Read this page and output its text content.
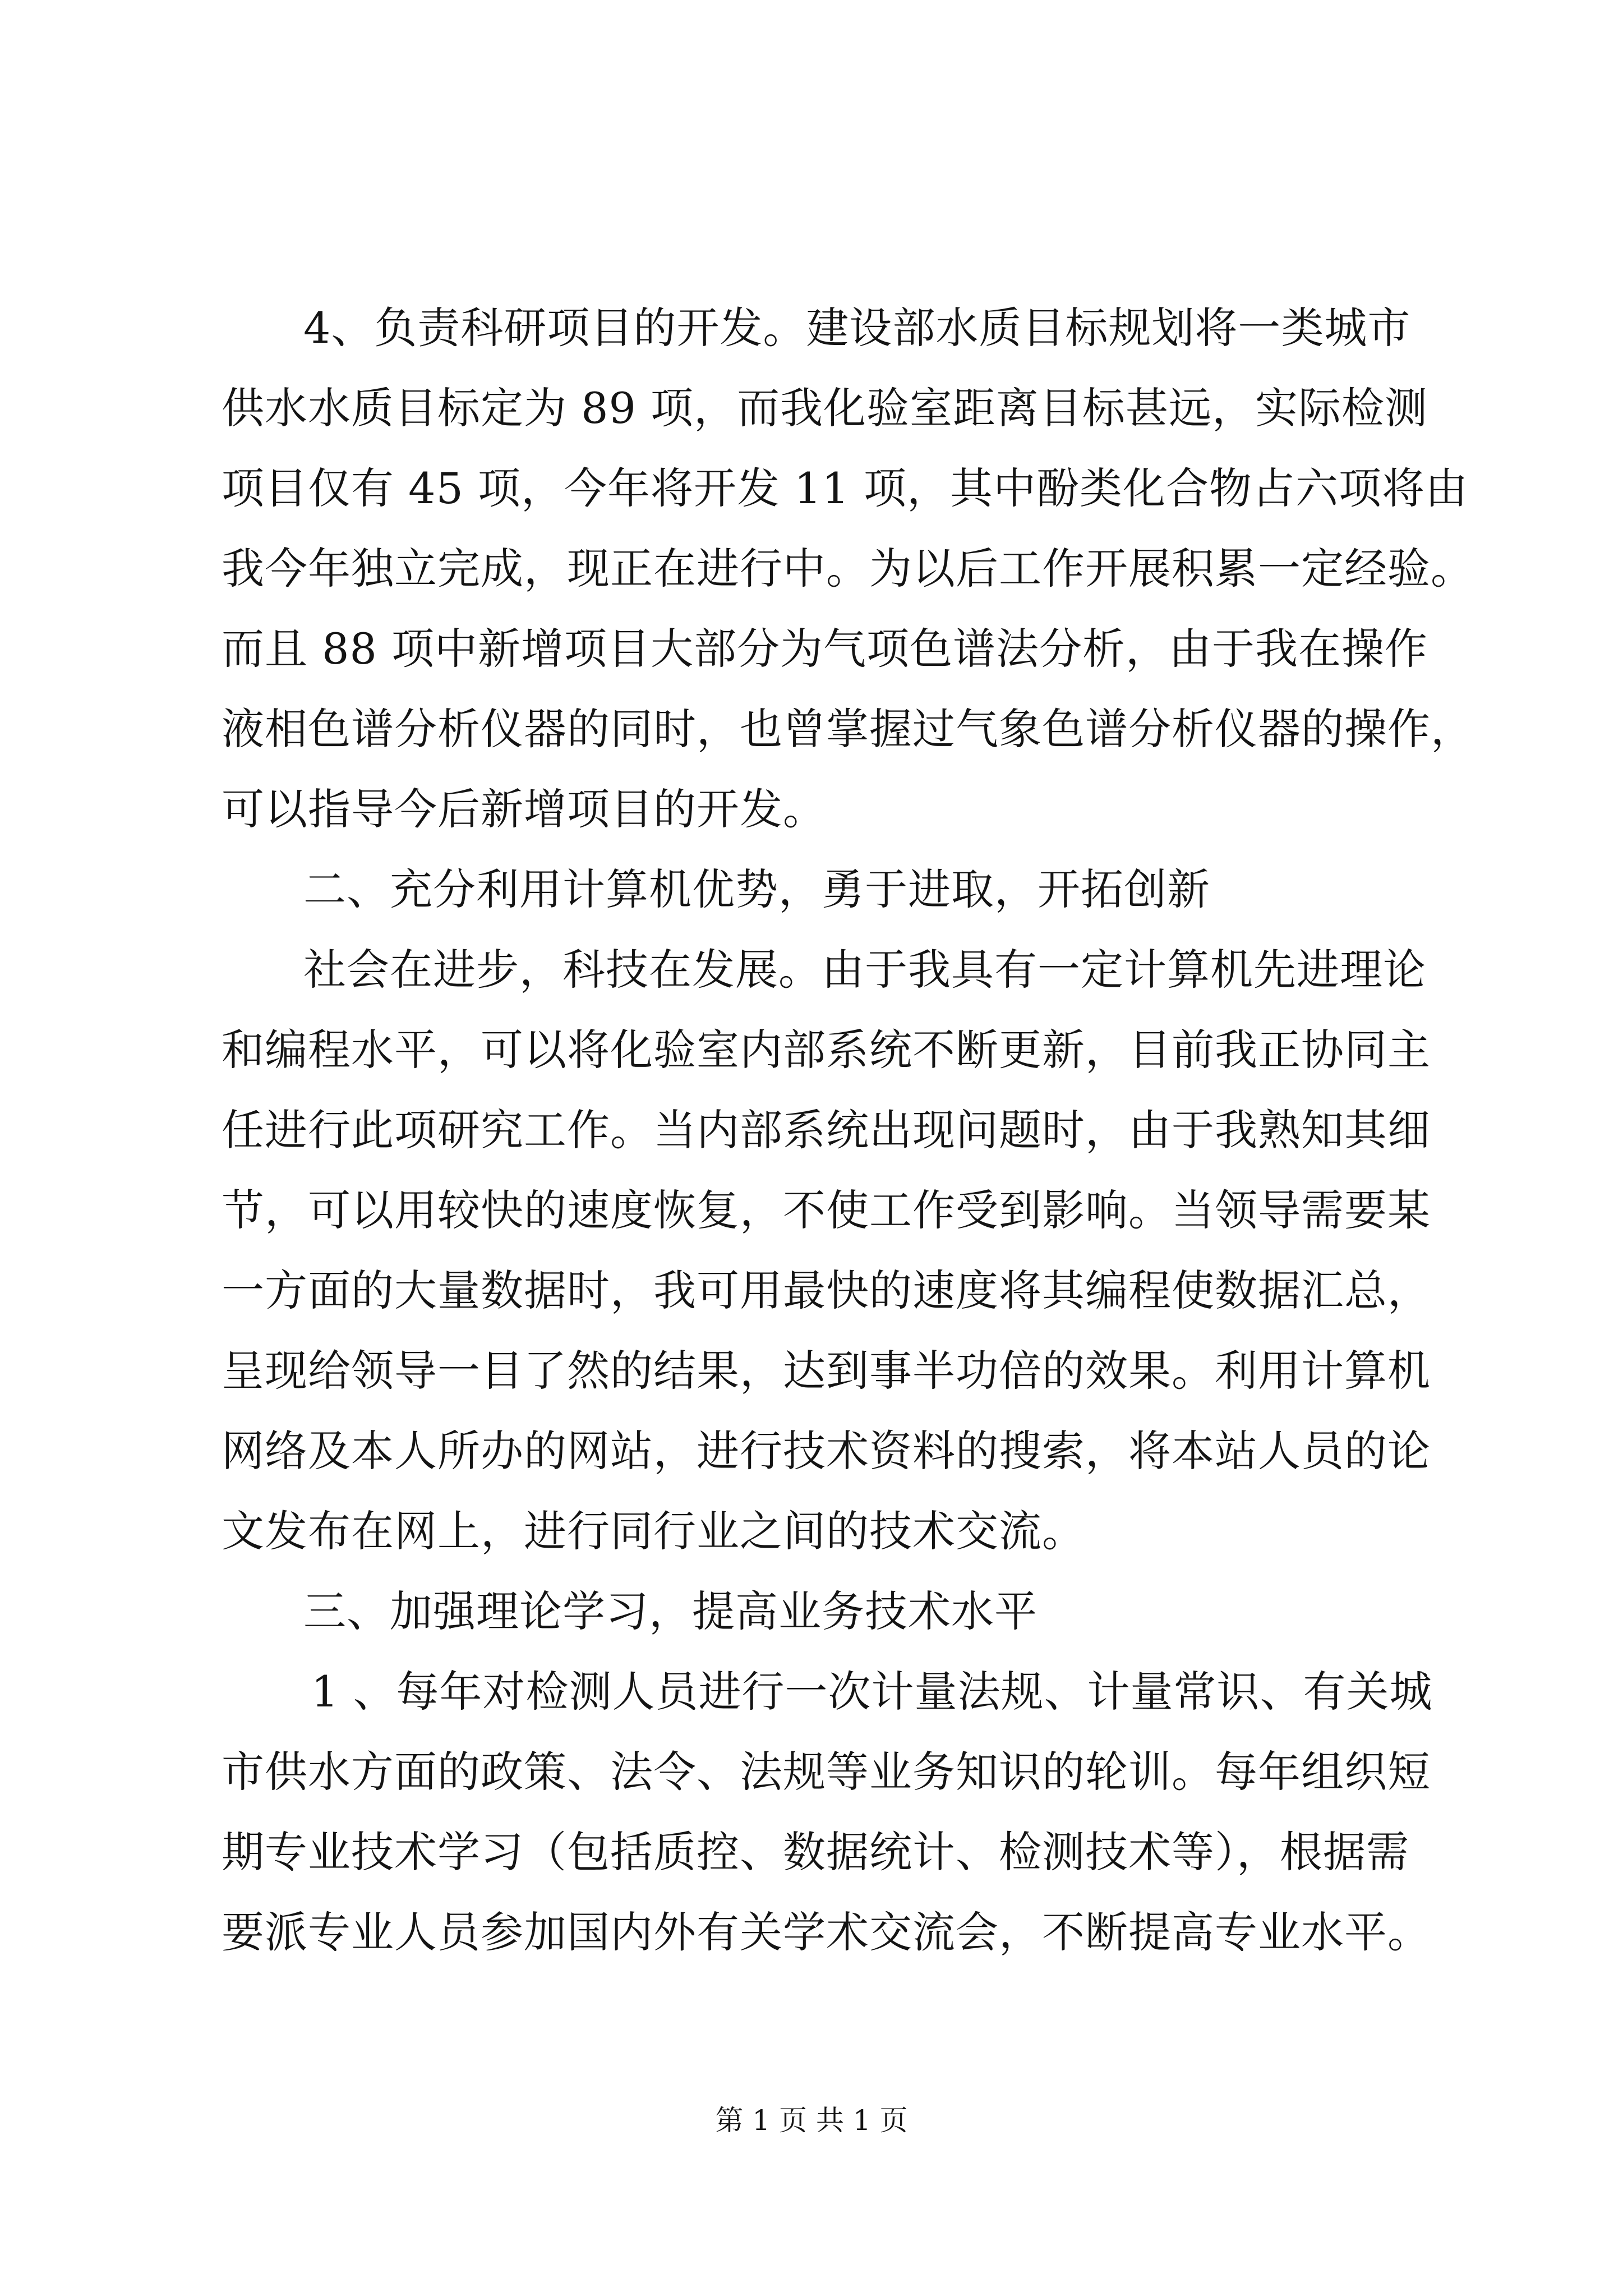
4、负责科研项目的开发。建设部水质目标规划将一类城市
供水水质目标定为 89 项，而我化验室距离目标甚远，实际检测
项目仅有 45 项，今年将开发 11 项，其中酚类化合物占六项将由
我今年独立完成，现正在进行中。为以后工作开展积累一定经验。
而且 88 项中新增项目大部分为气项色谱法分析，由于我在操作
液相色谱分析仪器的同时，也曾掌握过气象色谱分析仪器的操作，
可以指导今后新增项目的开发。
二、充分利用计算机优势，勇于进取，开拓创新
社会在进步，科技在发展。由于我具有一定计算机先进理论
和编程水平，可以将化验室内部系统不断更新，目前我正协同主
任进行此项研究工作。当内部系统出现问题时，由于我熟知其细
节，可以用较快的速度恢复，不使工作受到影响。当领导需要某
一方面的大量数据时，我可用最快的速度将其编程使数据汇总，
呈现给领导一目了然的结果，达到事半功倍的效果。利用计算机
网络及本人所办的网站，进行技术资料的搜索，将本站人员的论
文发布在网上，进行同行业之间的技术交流。
三、加强理论学习，提高业务技术水平
1 、每年对检测人员进行一次计量法规、计量常识、有关城
市供水方面的政策、法令、法规等业务知识的轮训。每年组织短
期专业技术学习（包括质控、数据统计、检测技术等），根据需
要派专业人员参加国内外有关学术交流会，不断提高专业水平。
第 1 页 共 1 页
